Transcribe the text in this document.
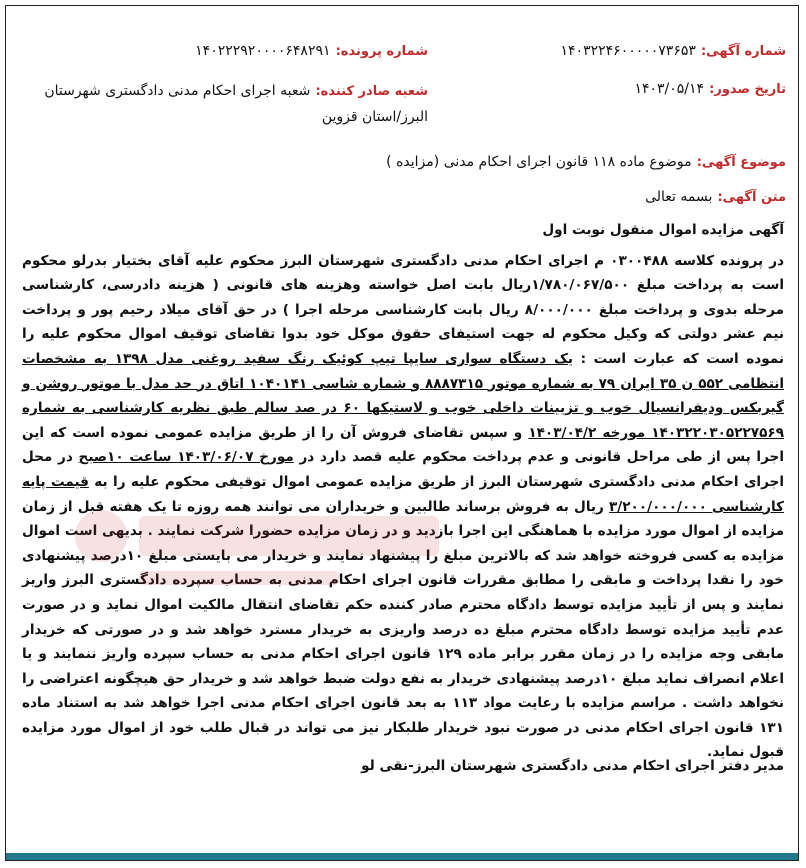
شماره آگهی: ۱۴۰۳۲۲۴۶۰۰۰۰۰۷۳۶۵۳
شماره پرونده: ۱۴۰۲۲۲۹۲۰۰۰۰۶۴۸۲۹۱
تاریخ صدور: ۱۴۰۳/۰۵/۱۴
شعبه صادر کننده: شعبه اجرای احکام مدنی دادگستری شهرستان البرز/استان قزوین
موضوع آگهی: موضوع ماده ۱۱۸ قانون اجرای احکام مدنی (مزایده )
متن آگهی: بسمه تعالی

آگهی مزایده اموال منقول نوبت اول

در پرونده کلاسه ۰۳۰۰۴۸۸ م اجرای احکام مدنی دادگستری شهرستان البرز محکوم علیه آقای بختیار بدرلو محکوم است به پرداخت مبلغ ۱/۷۸۰/۰۶۷/۵۰۰ریال بابت اصل خواسته وهزینه های قانونی ( هزینه دادرسی، کارشناسی مرحله بدوی و پرداخت مبلغ ۸/۰۰۰/۰۰۰ ریال بابت کارشناسی مرحله اجرا ) در حق آقای میلاد رحیم پور و پرداخت نیم عشر دولتی که وکیل محکوم له جهت استیفای حقوق موکل خود بدوا تقاضای توقیف اموال محکوم علیه را نموده است که عبارت است : یک دستگاه سواری سایپا تیپ کوئیک رنگ سفید روغنی مدل ۱۳۹۸ به مشخصات انتظامی ۵۵۲ ن ۳۵ ایران ۷۹ به شماره موتور ۸۸۸۷۳۱۵ و شماره شاسی ۱۰۴۰۱۴۱ اتاق در حد مدل با موتور روشن و گیربکس ودیفرانسیال خوب و تزیینات داخلی خوب و لاستیکها ۶۰ در صد سالم طبق نظریه کارشناسی به شماره ۱۴۰۳۲۲۰۳۰۵۲۲۷۵۶۹ مورخه ۱۴۰۳/۰۴/۲ و سپس تقاضای فروش آن را از طریق مزایده عمومی نموده است که این اجرا پس از طی مراحل قانونی و عدم پرداخت محکوم علیه قصد دارد در مورخ ۱۴۰۳/۰۶/۰۷ ساعت ۱۰صبح در محل اجرای احکام مدنی دادگستری شهرستان البرز از طریق مزایده عمومی اموال توقیفی محکوم علیه را به قیمت پایه کارشناسی ۳/۲۰۰/۰۰۰/۰۰۰ ریال به فروش برساند طالبین و خریداران می توانند همه روزه تا یک هفته قبل از زمان مزایده از اموال مورد مزایده با هماهنگی این اجرا بازدید و در زمان مزایده حضورا شرکت نمایند . بدیهی است اموال مزایده به کسی فروخته خواهد شد که بالاترین مبلغ را پیشنهاد نمایند و خریدار می بایستی مبلغ ۱۰درصد پیشنهادی خود را نقدا پرداخت و مابقی را مطابق مقررات قانون اجرای احکام مدنی به حساب سپرده دادگستری البرز واریز نمایند و پس از تأیید مزایده توسط دادگاه محترم صادر کننده حکم تقاضای انتقال مالکیت اموال نماید و در صورت عدم تأیید مزایده توسط دادگاه محترم مبلغ ده درصد واریزی به خریدار مسترد خواهد شد و در صورتی که خریدار مابقی وجه مزایده را در زمان مقرر برابر ماده ۱۲۹ قانون اجرای احکام مدنی به حساب سپرده واریز ننمایند و یا اعلام انصراف نماید مبلغ ۱۰درصد پیشنهادی خریدار به نفع دولت ضبط خواهد شد و خریدار حق هیچگونه اعتراضی را نخواهد داشت . مراسم مزایده با رعایت مواد ۱۱۳ به بعد قانون اجرای احکام مدنی اجرا خواهد شد به استناد ماده ۱۳۱ قانون اجرای احکام مدنی در صورت نبود خریدار طلبکار نیز می تواند در قبال طلب خود از اموال مورد مزایده قبول نماید.

مدیر دفتر اجرای احکام مدنی دادگستری شهرستان البرز-نقی لو
